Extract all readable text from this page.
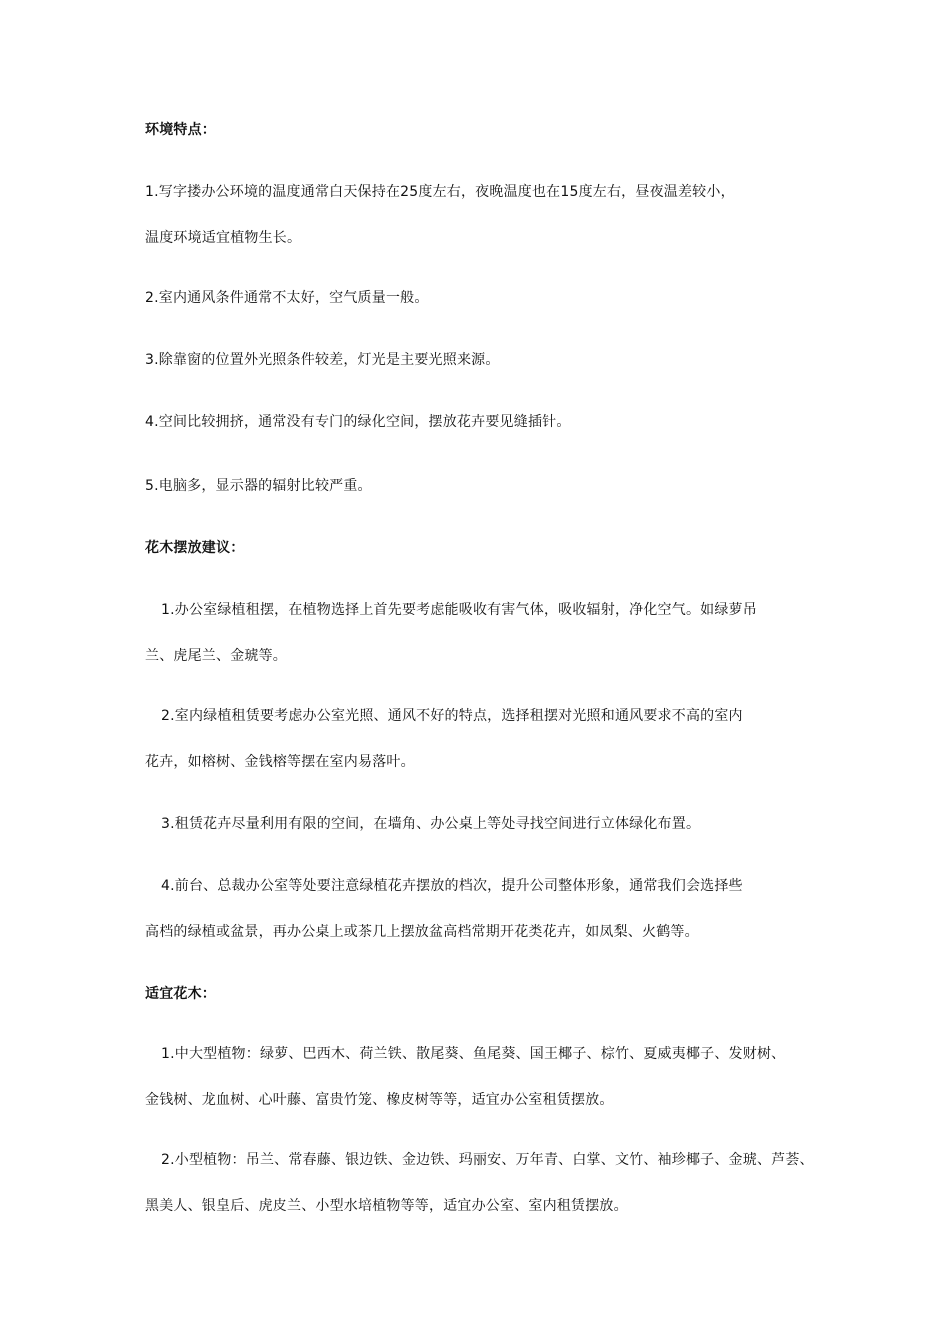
环境特点：
1.写字搂办公环境的温度通常白天保持在25度左右，夜晚温度也在15度左右，昼夜温差较小，
温度环境适宜植物生长。
2.室内通风条件通常不太好，空气质量一般。
3.除靠窗的位置外光照条件较差，灯光是主要光照来源。
4.空间比较拥挤，通常没有专门的绿化空间，摆放花卉要见缝插针。
5.电脑多，显示器的辐射比较严重。
花木摆放建议：
1.办公室绿植租摆，在植物选择上首先要考虑能吸收有害气体，吸收辐射，净化空气。如绿萝吊
兰、虎尾兰、金琥等。
2.室内绿植租赁要考虑办公室光照、通风不好的特点，选择租摆对光照和通风要求不高的室内
花卉，如榕树、金钱榕等摆在室内易落叶。
3.租赁花卉尽量利用有限的空间，在墙角、办公桌上等处寻找空间进行立体绿化布置。
4.前台、总裁办公室等处要注意绿植花卉摆放的档次，提升公司整体形象，通常我们会选择些
高档的绿植或盆景，再办公桌上或茶几上摆放盆高档常期开花类花卉，如凤梨、火鹤等。
适宜花木：
1.中大型植物：绿萝、巴西木、荷兰铁、散尾葵、鱼尾葵、国王椰子、棕竹、夏威夷椰子、发财树、
金钱树、龙血树、心叶藤、富贵竹笼、橡皮树等等，适宜办公室租赁摆放。
2.小型植物：吊兰、常春藤、银边铁、金边铁、玛丽安、万年青、白掌、文竹、袖珍椰子、金琥、芦荟、
黑美人、银皇后、虎皮兰、小型水培植物等等，适宜办公室、室内租赁摆放。
